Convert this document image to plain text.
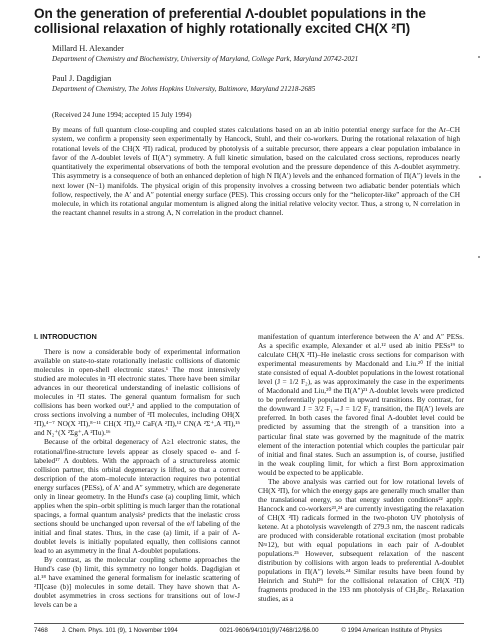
On the generation of preferential Λ-doublet populations in the collisional relaxation of highly rotationally excited CH(X ²Π)
Millard H. Alexander
Department of Chemistry and Biochemistry, University of Maryland, College Park, Maryland 20742-2021
Paul J. Dagdigian
Department of Chemistry, The Johns Hopkins University, Baltimore, Maryland 21218-2685
(Received 24 June 1994; accepted 15 July 1994)
By means of full quantum close-coupling and coupled states calculations based on an ab initio potential energy surface for the Ar–CH system, we confirm a propensity seen experimentally by Hancock, Stuhl, and their co-workers. During the rotational relaxation of high rotational levels of the CH(X ²Π) radical, produced by photolysis of a suitable precursor, there appears a clear population imbalance in favor of the Λ-doublet levels of Π(A″) symmetry. A full kinetic simulation, based on the calculated cross sections, reproduces nearly quantitatively the experimental observations of both the temporal evolution and the pressure dependence of this Λ-doublet asymmetry. This asymmetry is a consequence of both an enhanced depletion of high N Π(A′) levels and the enhanced formation of Π(A″) levels in the next lower (N−1) manifolds. The physical origin of this propensity involves a crossing between two adiabatic bender potentials which follow, respectively, the A′ and A″ potential energy surface (PES). This crossing occurs only for the “helicopter-like” approach of the CH molecule, in which its rotational angular momentum is aligned along the initial relative velocity vector. Thus, a strong υ, N correlation in the reactant channel results in a strong Λ, N correlation in the product channel.
I. INTRODUCTION

There is now a considerable body of experimental information available on state-to-state rotationally inelastic collisions of diatomic molecules in open-shell electronic states.¹ The most intensively studied are molecules in ²Π electronic states. There have been similar advances in our theoretical understanding of inelastic collisions of molecules in ²Π states. The general quantum formalism for such collisions has been worked out²,³ and applied to the computation of cross sections involving a number of ²Π molecules, including OH(X ²Π),⁴⁻⁷ NO(X ²Π),⁸⁻¹¹ CH(X ²Π),¹² CaF(A ²Π),¹³ CN(A ²Σ⁺,A ²Π),¹⁵ and N₂⁺(X ²Σg⁺,A ²Πu).¹⁶

Because of the orbital degeneracy of Λ≥1 electronic states, the rotational/fine-structure levels appear as closely spaced e- and f-labeled¹⁷ Λ doublets. With the approach of a structureless atomic collision partner, this orbital degeneracy is lifted, so that a correct description of the atom–molecule interaction requires two potential energy surfaces (PESs), of A′ and A″ symmetry, which are degenerate only in linear geometry. In the Hund's case (a) coupling limit, which applies when the spin–orbit splitting is much larger than the rotational spacings, a formal quantum analysis² predicts that the inelastic cross sections should be unchanged upon reversal of the e/f labeling of the initial and final states. Thus, in the case (a) limit, if a pair of Λ-doublet levels is initially populated equally, then collisions cannot lead to an asymmetry in the final Λ-doublet populations.

By contrast, as the molecular coupling scheme approaches the Hund's case (b) limit, this symmetry no longer holds. Dagdigian et al.¹⁸ have examined the general formalism for inelastic scattering of ²Π[case (b)] molecules in some detail. They have shown that Λ-doublet asymmetries in cross sections for transitions out of low-J levels can be a

manifestation of quantum interference between the A′ and A″ PESs. As a specific example, Alexander et al.¹² used ab initio PESs¹⁹ to calculate CH(X ²Π)–He inelastic cross sections for comparison with experimental measurements by Macdonald and Liu.²⁰ If the initial state consisted of equal Λ-doublet populations in the lowest rotational level (J = 1/2 F₂), as was approximately the case in the experiments of Macdonald and Liu,²⁰ the Π(A″)²¹ Λ-doublet levels were predicted to be preferentially populated in upward transitions. By contrast, for the downward J = 3/2 F₁→J = 1/2 F₂ transition, the Π(A′) levels are preferred. In both cases the favored final Λ-doublet level could be predicted by assuming that the strength of a transition into a particular final state was governed by the magnitude of the matrix element of the interaction potential which couples the particular pair of initial and final states. Such an assumption is, of course, justified in the weak coupling limit, for which a first Born approximation would be expected to be applicable.

The above analysis was carried out for low rotational levels of CH(X ²Π), for which the energy gaps are generally much smaller than the translational energy, so that energy sudden conditions²² apply. Hancock and co-workers²³,²⁴ are currently investigating the relaxation of CH(X ²Π) radicals formed in the two-photon UV photolysis of ketene. At a photolysis wavelength of 279.3 nm, the nascent radicals are produced with considerable rotational excitation (most probable N≈12), but with equal populations in each pair of Λ-doublet populations.²⁵ However, subsequent relaxation of the nascent distribution by collisions with argon leads to preferential Λ-doublet populations in Π(A″) levels.²⁴ Similar results have been found by Heinrich and Stuhl²⁶ for the collisional relaxation of CH(X ²Π) fragments produced in the 193 nm photolysis of CH₂Br₂. Relaxation studies, as a

7468 J. Chem. Phys. 101 (9), 1 November 1994	0021-9606/94/101(9)/7468/12/$6.00	© 1994 American Institute of Physics
